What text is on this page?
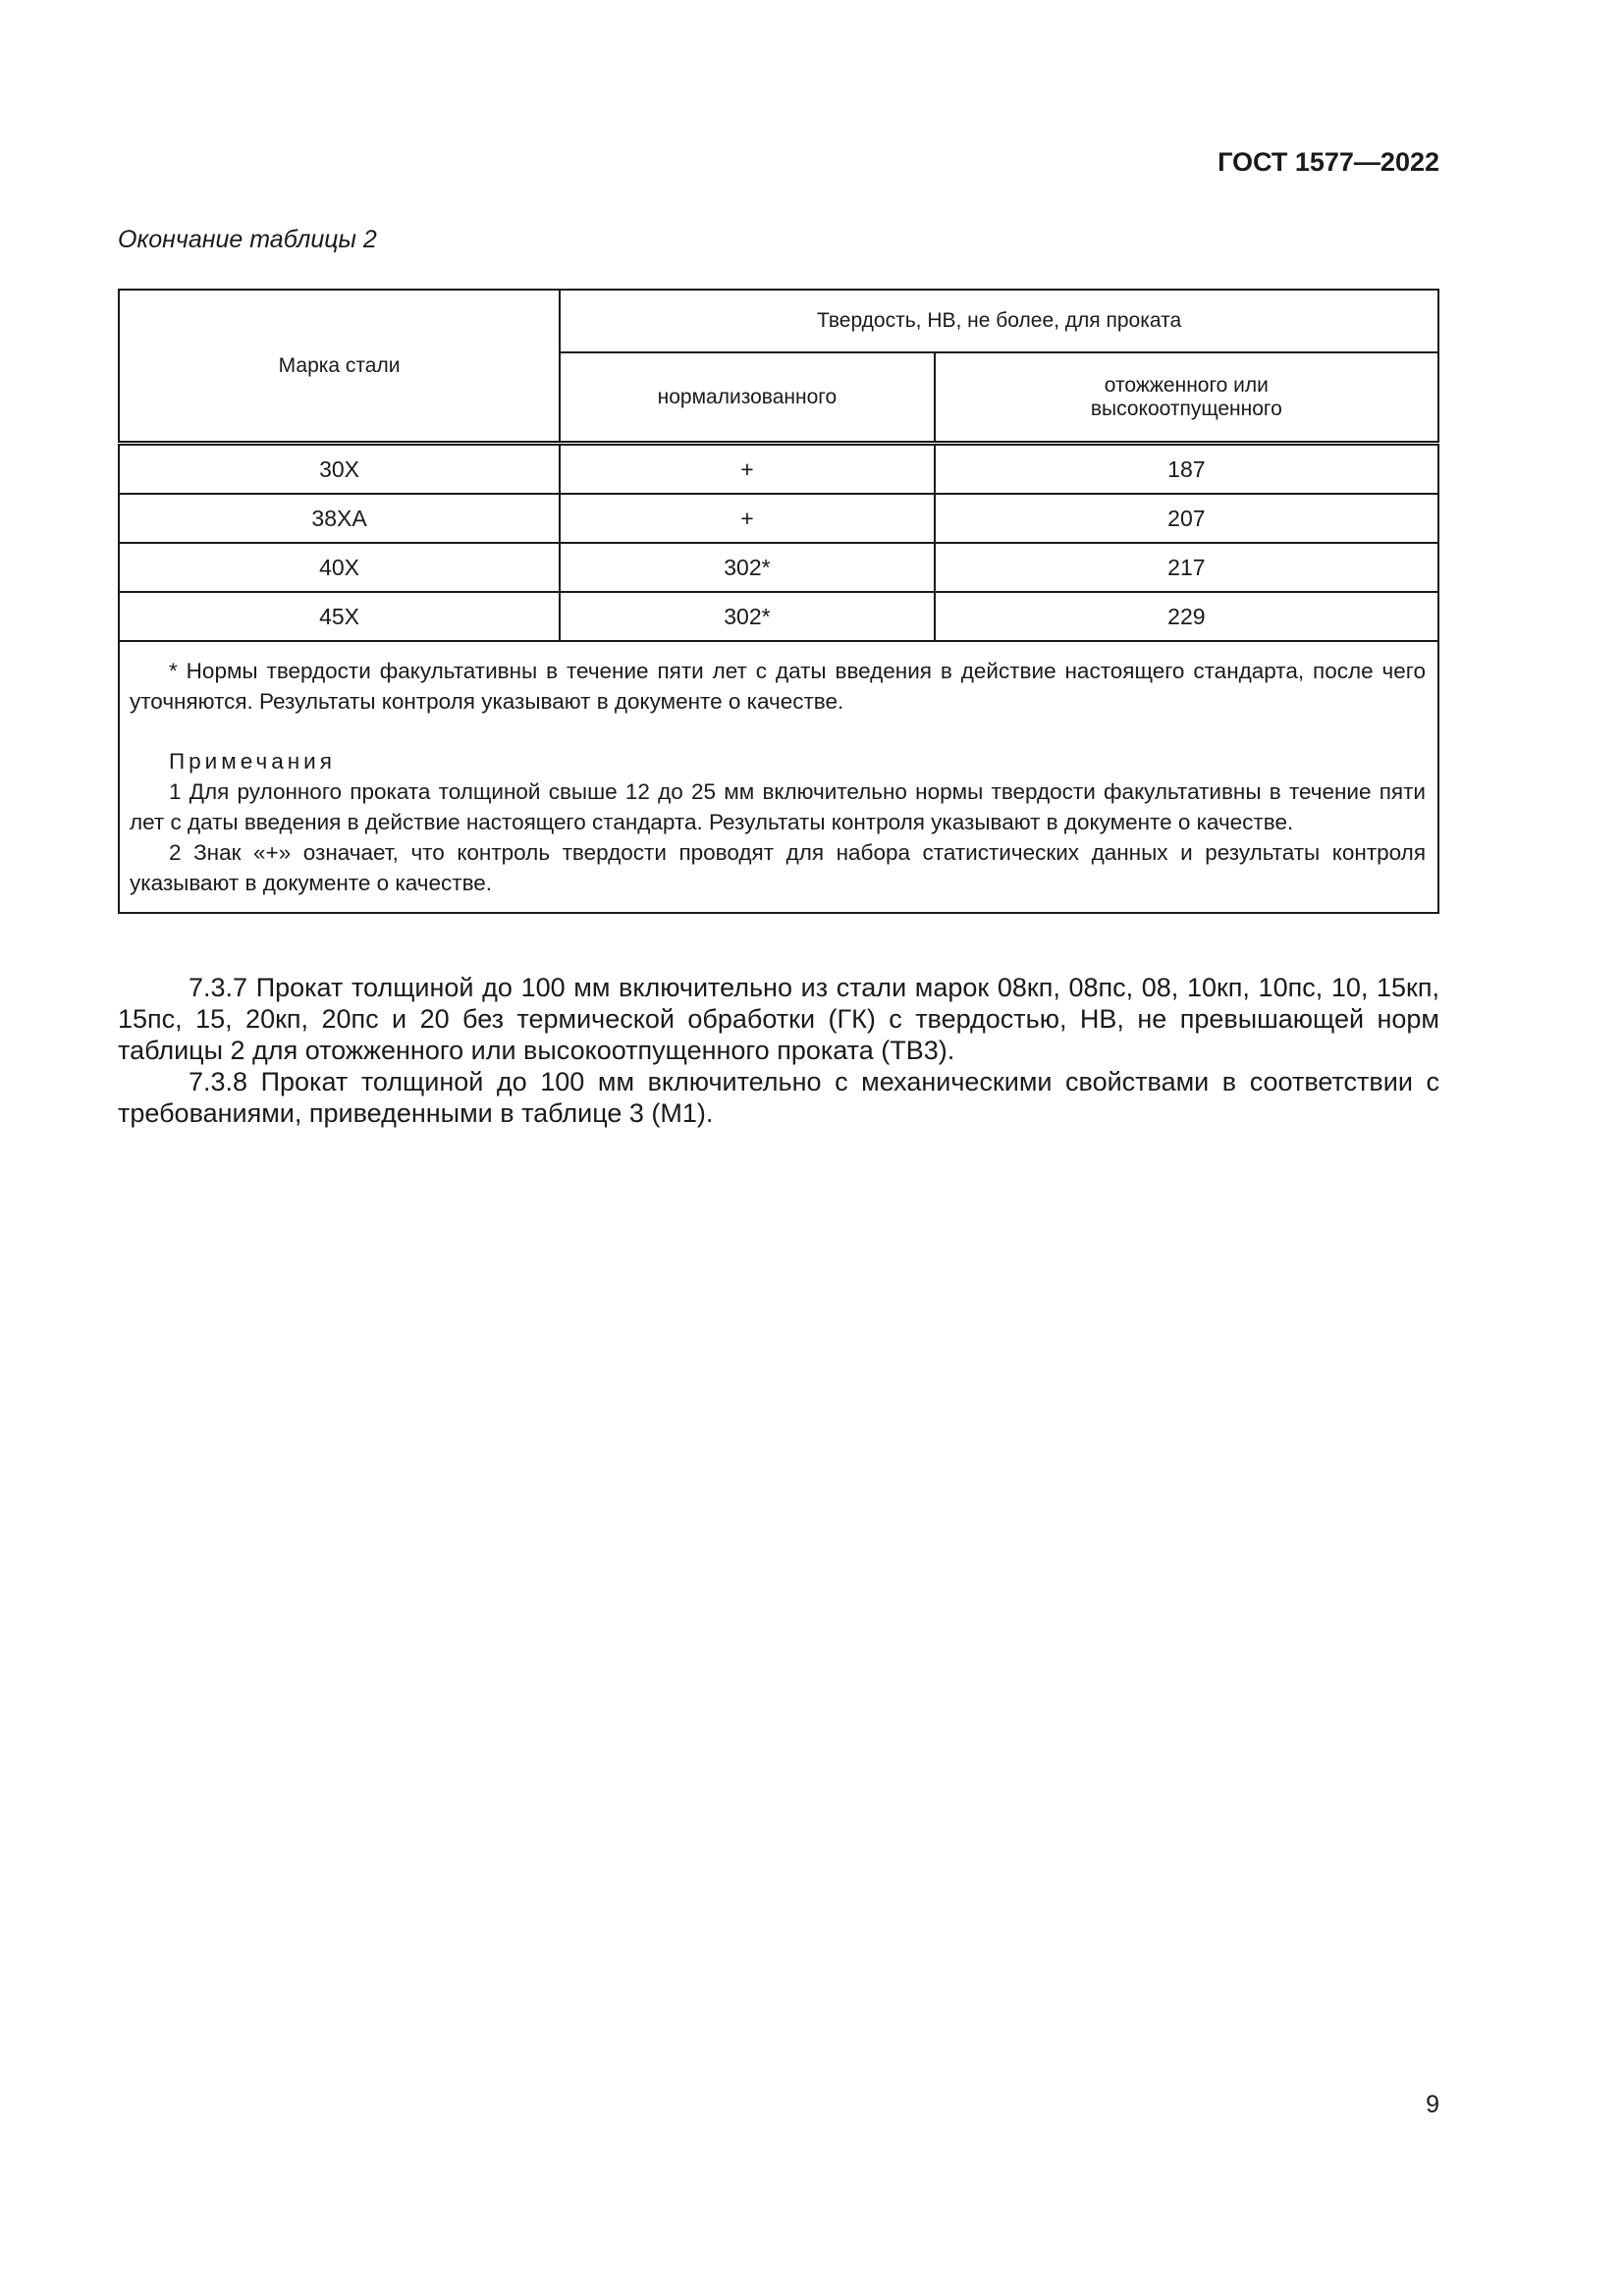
ГОСТ 1577—2022
Окончание таблицы 2
Марка стали	Твердость, НВ, не более, для проката	
	нормализованного	отожженного или высокоотпущенного
30Х	+	187
38ХА	+	207
40Х	302*	217
45Х	302*	229

* Нормы твердости факультативны в течение пяти лет с даты введения в действие настоящего стандарта, после чего уточняются. Результаты контроля указывают в документе о качестве.

Примечания

1 Для рулонного проката толщиной свыше 12 до 25 мм включительно нормы твердости факультативны в течение пяти лет с даты введения в действие настоящего стандарта. Результаты контроля указывают в документе о качестве.

2 Знак «+» означает, что контроль твердости проводят для набора статистических данных и результаты контроля указывают в документе о качестве.		

7.3.7 Прокат толщиной до 100 мм включительно из стали марок 08кп, 08пс, 08, 10кп, 10пс, 10, 15кп, 15пс, 15, 20кп, 20пс и 20 без термической обработки (ГК) с твердостью, НВ, не превышающей норм таблицы 2 для отожженного или высокоотпущенного проката (ТВ3).

7.3.8 Прокат толщиной до 100 мм включительно с механическими свойствами в соответствии с требованиями, приведенными в таблице 3 (М1).

9
